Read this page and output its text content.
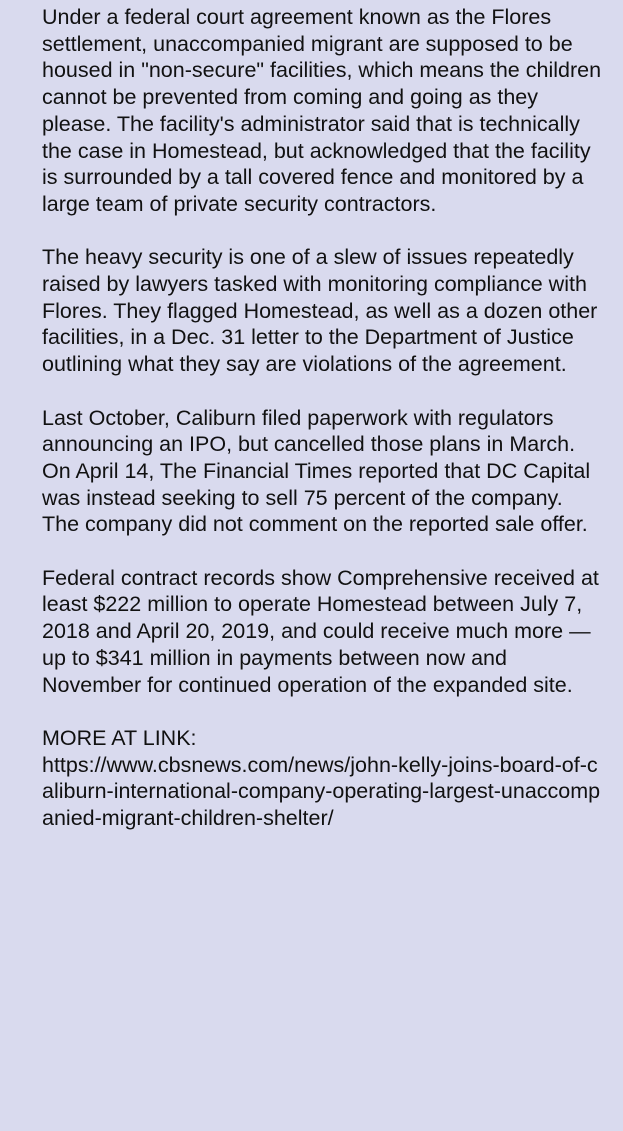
Under a federal court agreement known as the Flores settlement, unaccompanied migrant are supposed to be housed in "non-secure" facilities, which means the children cannot be prevented from coming and going as they please. The facility's administrator said that is technically the case in Homestead, but acknowledged that the facility is surrounded by a tall covered fence and monitored by a large team of private security contractors.

The heavy security is one of a slew of issues repeatedly raised by lawyers tasked with monitoring compliance with Flores. They flagged Homestead, as well as a dozen other facilities, in a Dec. 31 letter to the Department of Justice outlining what they say are violations of the agreement.

Last October, Caliburn filed paperwork with regulators announcing an IPO, but cancelled those plans in March. On April 14, The Financial Times reported that DC Capital was instead seeking to sell 75 percent of the company. The company did not comment on the reported sale offer.

Federal contract records show Comprehensive received at least $222 million to operate Homestead between July 7, 2018 and April 20, 2019, and could receive much more — up to $341 million in payments between now and November for continued operation of the expanded site.

MORE AT LINK:
https://www.cbsnews.com/news/john-kelly-joins-board-of-caliburn-international-company-operating-largest-unaccompanied-migrant-children-shelter/
